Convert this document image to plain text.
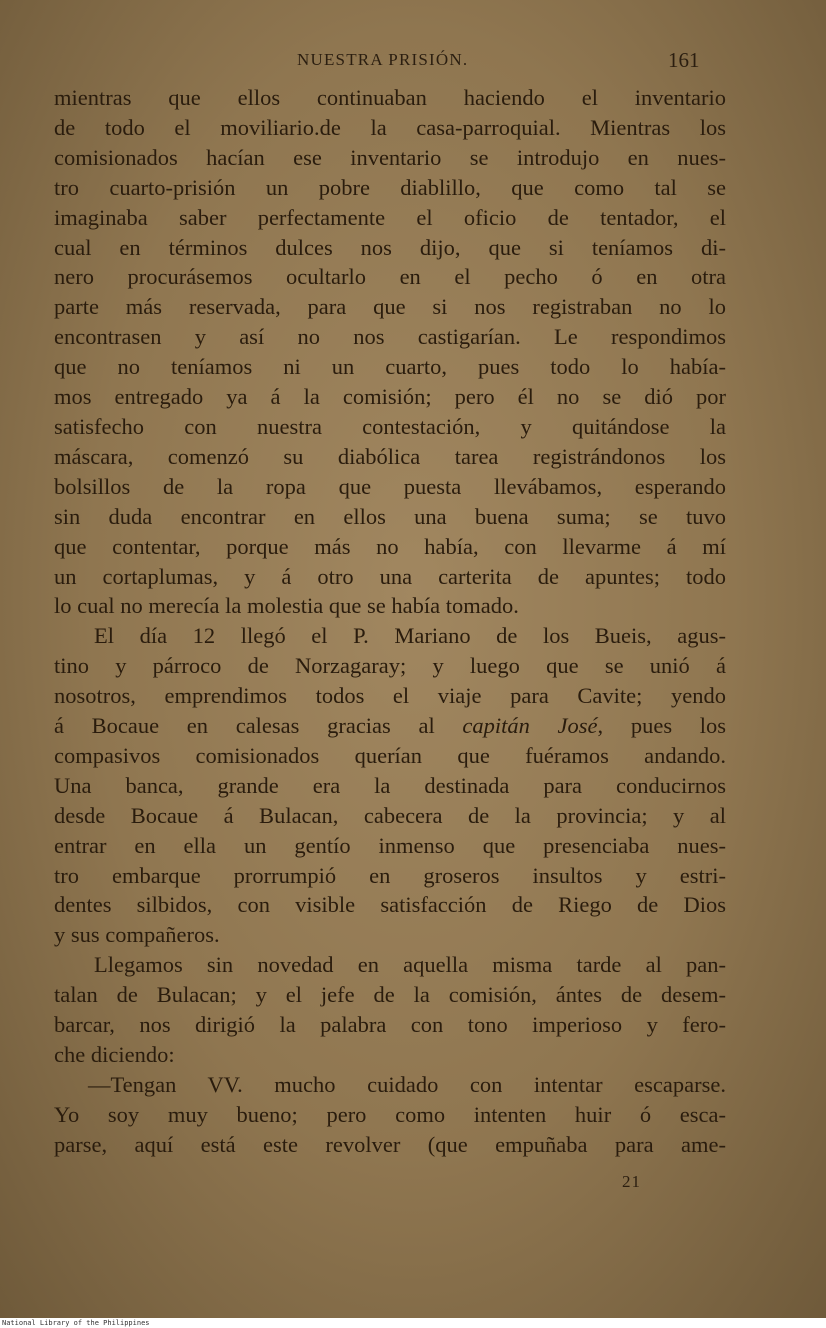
NUESTRA PRISIÓN.	161
mientras que ellos continuaban haciendo el inventario
de todo el moviliario.de la casa-parroquial. Mientras los
comisionados hacían ese inventario se introdujo en nues-
tro cuarto-prisión un pobre diablillo, que como tal se
imaginaba saber perfectamente el oficio de tentador, el
cual en términos dulces nos dijo, que si teníamos di-
nero procurásemos ocultarlo en el pecho ó en otra
parte más reservada, para que si nos registraban no lo
encontrasen y así no nos castigarían. Le respondimos
que no teníamos ni un cuarto, pues todo lo había-
mos entregado ya á la comisión; pero él no se dió por
satisfecho con nuestra contestación, y quitándose la
máscara, comenzó su diabólica tarea registrándonos los
bolsillos de la ropa que puesta llevábamos, esperando
sin duda encontrar en ellos una buena suma; se tuvo
que contentar, porque más no había, con llevarme á mí
un cortaplumas, y á otro una carterita de apuntes; todo
lo cual no merecía la molestia que se había tomado.
El día 12 llegó el P. Mariano de los Bueis, agus-
tino y párroco de Norzagaray; y luego que se unió á
nosotros, emprendimos todos el viaje para Cavite; yendo
á Bocaue en calesas gracias al capitán José, pues los
compasivos comisionados querían que fuéramos andando.
Una banca, grande era la destinada para conducirnos
desde Bocaue á Bulacan, cabecera de la provincia; y al
entrar en ella un gentío inmenso que presenciaba nues-
tro embarque prorrumpió en groseros insultos y estri-
dentes silbidos, con visible satisfacción de Riego de Dios
y sus compañeros.
Llegamos sin novedad en aquella misma tarde al pan-
talan de Bulacan; y el jefe de la comisión, ántes de desem-
barcar, nos dirigió la palabra con tono imperioso y fero-
che diciendo:
—Tengan VV. mucho cuidado con intentar escaparse.
Yo soy muy bueno; pero como intenten huir ó esca-
parse, aquí está este revolver (que empuñaba para ame-
21
National Library of the Philippines
